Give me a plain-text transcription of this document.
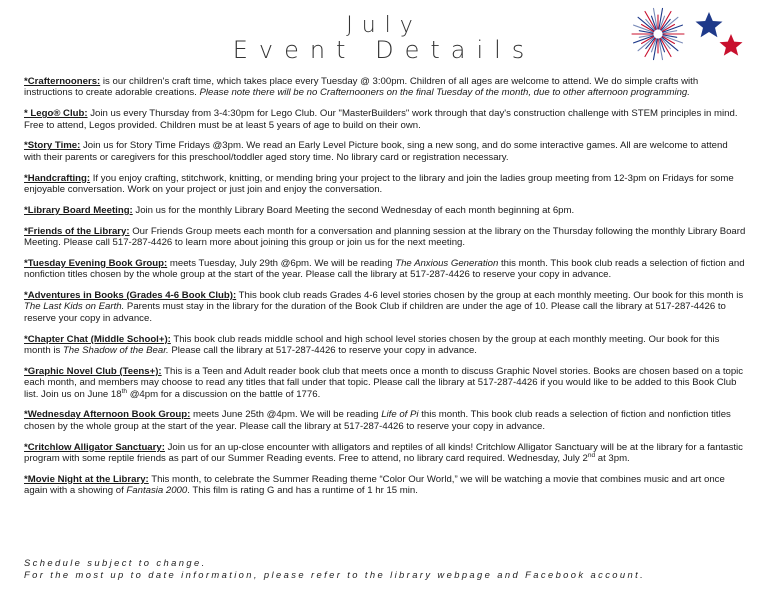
July
Event Details

*Crafternooners: is our children's craft time, which takes place every Tuesday @ 3:00pm. Children of all ages are welcome to attend. We do simple crafts with instructions to create adorable creations. Please note there will be no Crafternooners on the final Tuesday of the month, due to other afternoon programming.

* Lego® Club: Join us every Thursday from 3-4:30pm for Lego Club. Our "MasterBuilders" work through that day's construction challenge with STEM principles in mind. Free to attend, Legos provided. Children must be at least 5 years of age to build on their own.

*Story Time: Join us for Story Time Fridays @3pm. We read an Early Level Picture book, sing a new song, and do some interactive games. All are welcome to attend with their parents or caregivers for this preschool/toddler aged story time. No library card or registration necessary.

*Handcrafting: If you enjoy crafting, stitchwork, knitting, or mending bring your project to the library and join the ladies group meeting from 12-3pm on Fridays for some enjoyable conversation. Work on your project or just join and enjoy the conversation.

*Library Board Meeting: Join us for the monthly Library Board Meeting the second Wednesday of each month beginning at 6pm.

*Friends of the Library: Our Friends Group meets each month for a conversation and planning session at the library on the Thursday following the monthly Library Board Meeting. Please call 517-287-4426 to learn more about joining this group or join us for the next meeting.

*Tuesday Evening Book Group: meets Tuesday, July 29th @6pm. We will be reading The Anxious Generation this month. This book club reads a selection of fiction and nonfiction titles chosen by the whole group at the start of the year. Please call the library at 517-287-4426 to reserve your copy in advance.

*Adventures in Books (Grades 4-6 Book Club): This book club reads Grades 4-6 level stories chosen by the group at each monthly meeting. Our book for this month is The Last Kids on Earth. Parents must stay in the library for the duration of the Book Club if children are under the age of 10. Please call the library at 517-287-4426 to reserve your copy in advance.

*Chapter Chat (Middle School+): This book club reads middle school and high school level stories chosen by the group at each monthly meeting. Our book for this month is The Shadow of the Bear. Please call the library at 517-287-4426 to reserve your copy in advance.

*Graphic Novel Club (Teens+): This is a Teen and Adult reader book club that meets once a month to discuss Graphic Novel stories. Books are chosen based on a topic each month, and members may choose to read any titles that fall under that topic. Please call the library at 517-287-4426 if you would like to be added to this Book Club list. Join us on June 18th @4pm for a discussion on the battle of 1776.

*Wednesday Afternoon Book Group: meets June 25th @4pm. We will be reading Life of Pi this month. This book club reads a selection of fiction and nonfiction titles chosen by the whole group at the start of the year. Please call the library at 517-287-4426 to reserve your copy in advance.

*Critchlow Alligator Sanctuary: Join us for an up-close encounter with alligators and reptiles of all kinds! Critchlow Alligator Sanctuary will be at the library for a fantastic program with some reptile friends as part of our Summer Reading events. Free to attend, no library card required. Wednesday, July 2nd at 3pm.

*Movie Night at the Library: This month, to celebrate the Summer Reading theme “Color Our World,” we will be watching a movie that combines music and art once again with a showing of Fantasia 2000. This film is rating G and has a runtime of 1 hr 15 min.

Schedule subject to change.
For the most up to date information, please refer to the library webpage and Facebook account.
